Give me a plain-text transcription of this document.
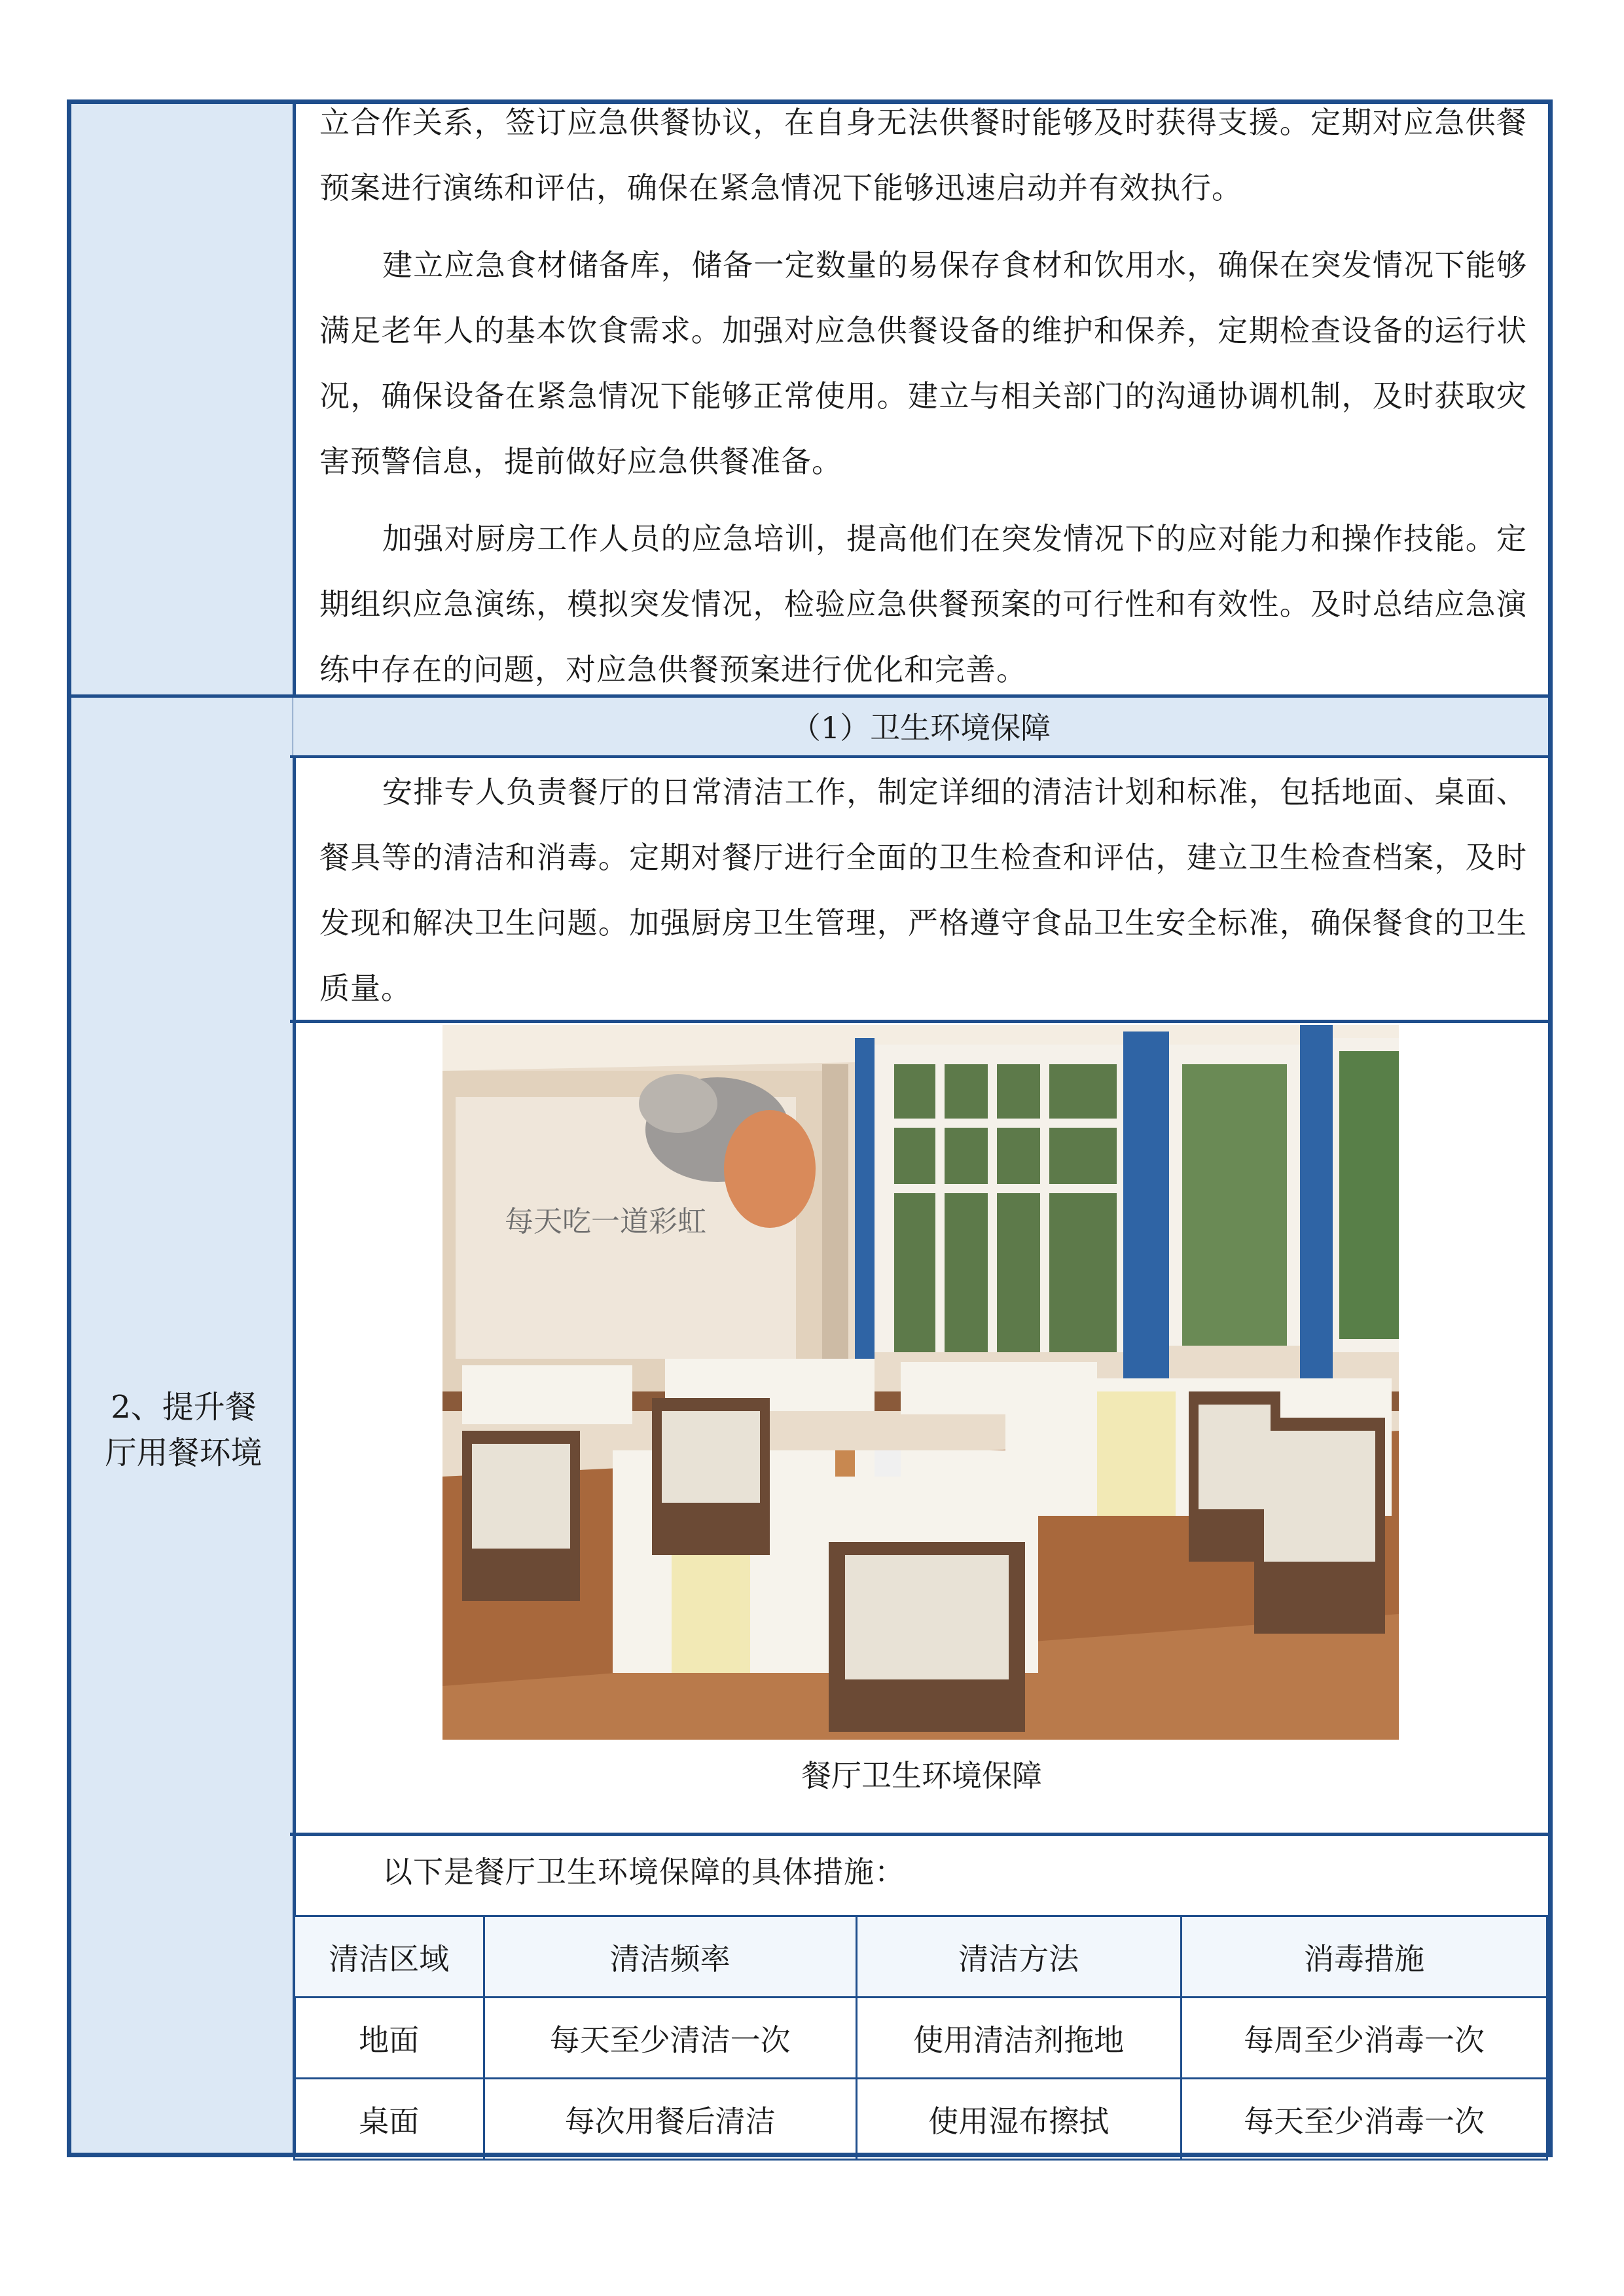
立合作关系，签订应急供餐协议，在自身无法供餐时能够及时获得支援。定期对应急供餐预案进行演练和评估，确保在紧急情况下能够迅速启动并有效执行。

建立应急食材储备库，储备一定数量的易保存食材和饮用水，确保在突发情况下能够满足老年人的基本饮食需求。加强对应急供餐设备的维护和保养，定期检查设备的运行状况，确保设备在紧急情况下能够正常使用。建立与相关部门的沟通协调机制，及时获取灾害预警信息，提前做好应急供餐准备。

加强对厨房工作人员的应急培训，提高他们在突发情况下的应对能力和操作技能。定期组织应急演练，模拟突发情况，检验应急供餐预案的可行性和有效性。及时总结应急演练中存在的问题，对应急供餐预案进行优化和完善。

2、提升餐
厅用餐环境
（1）卫生环境保障

安排专人负责餐厅的日常清洁工作，制定详细的清洁计划和标准，包括地面、桌面、餐具等的清洁和消毒。定期对餐厅进行全面的卫生检查和评估，建立卫生检查档案，及时发现和解决卫生问题。加强厨房卫生管理，严格遵守食品卫生安全标准，确保餐食的卫生质量。

每天吃一道彩虹
餐厅卫生环境保障

以下是餐厅卫生环境保障的具体措施：

清洁区域	清洁频率	清洁方法	消毒措施
地面	每天至少清洁一次	使用清洁剂拖地	每周至少消毒一次
桌面	每次用餐后清洁	使用湿布擦拭	每天至少消毒一次
